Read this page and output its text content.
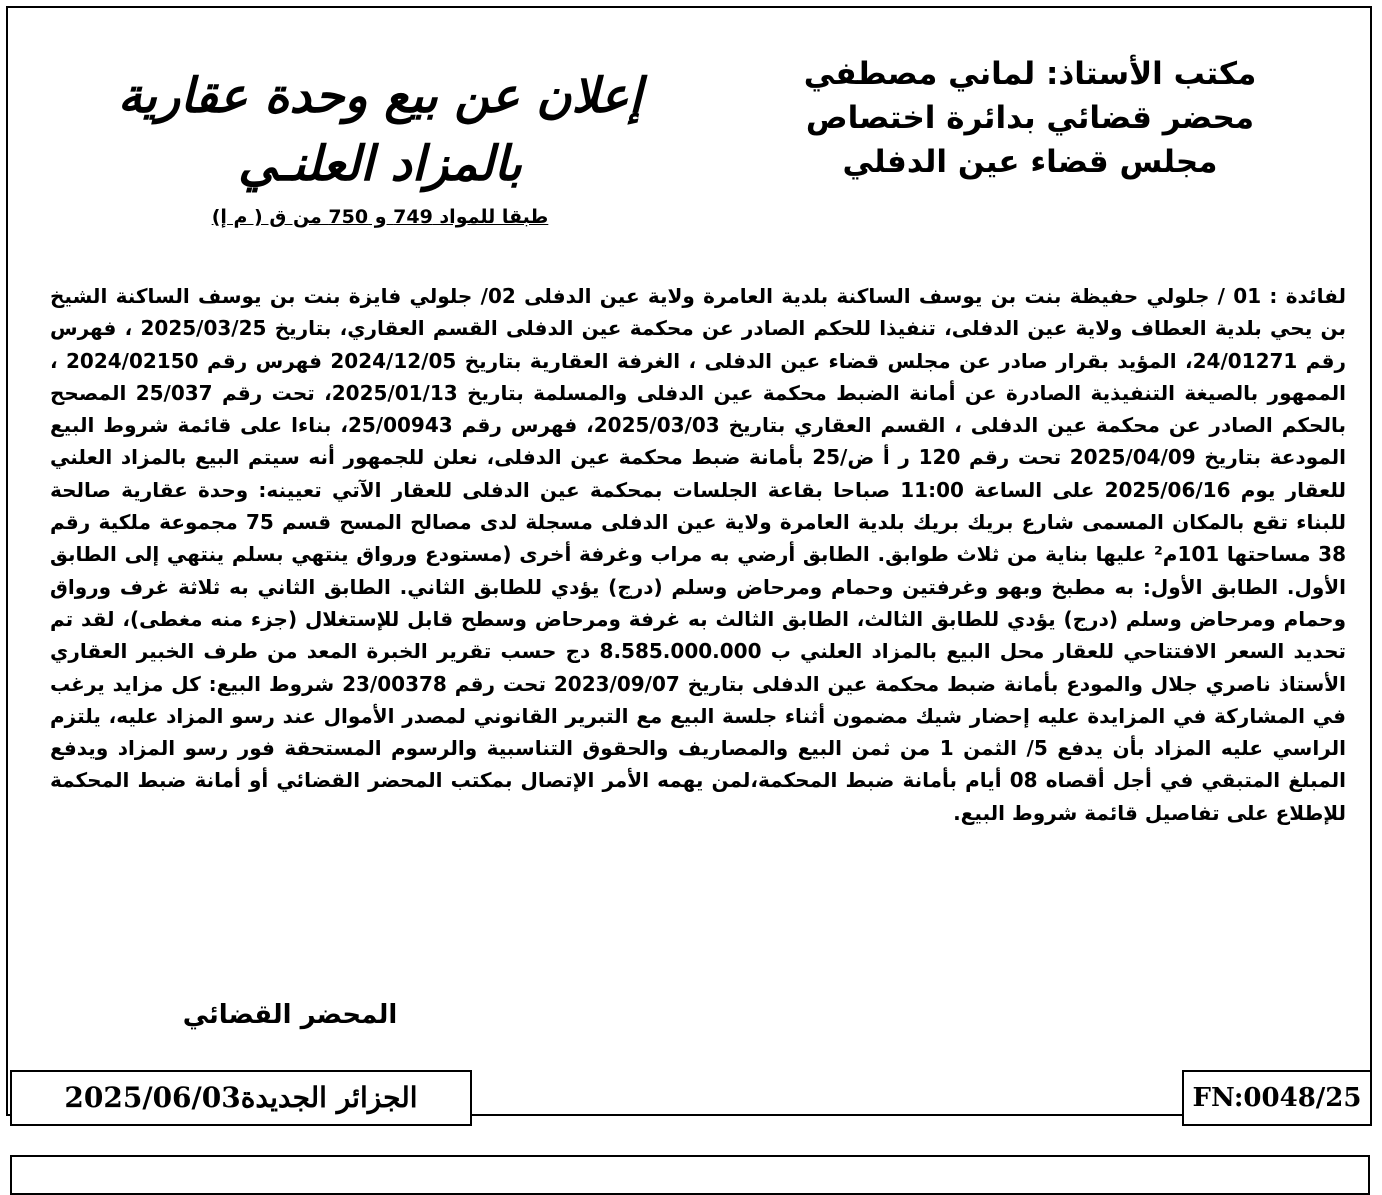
مكتب الأستاذ: لماني مصطفي
محضر قضائي بدائرة اختصاص
مجلس قضاء عين الدفلي
إعلان عن بيع وحدة عقارية
بالمزاد العلنـي
طبقا للمواد 749 و 750 من ق ( م إ)
لفائدة : 01 / جلولي حفيظة بنت بن يوسف الساكنة بلدية العامرة ولاية عين الدفلى 02/ جلولي فايزة بنت بن يوسف الساكنة الشيخ بن يحي بلدية العطاف ولاية عين الدفلى، تنفيذا للحكم الصادر عن محكمة عين الدفلى القسم العقاري، بتاريخ 2025/03/25 ، فهرس رقم 24/01271، المؤيد بقرار صادر عن مجلس قضاء عين الدفلى ، الغرفة العقارية بتاريخ 2024/12/05 فهرس رقم 2024/02150 ، الممهور بالصيغة التنفيذية الصادرة عن أمانة الضبط محكمة عين الدفلى والمسلمة بتاريخ 2025/01/13، تحت رقم 25/037 المصحح بالحكم الصادر عن محكمة عين الدفلى ، القسم العقاري بتاريخ 2025/03/03، فهرس رقم 25/00943، بناءا على قائمة شروط البيع المودعة بتاريخ 2025/04/09 تحت رقم 120 ر أ ض/25 بأمانة ضبط محكمة عين الدفلى، نعلن للجمهور أنه سيتم البيع بالمزاد العلني للعقار يوم 2025/06/16 على الساعة 11:00 صباحا بقاعة الجلسات بمحكمة عين الدفلى للعقار الآتي تعيينه: وحدة عقارية صالحة للبناء تقع بالمكان المسمى شارع بريك بريك بلدية العامرة ولاية عين الدفلى مسجلة لدى مصالح المسح قسم 75 مجموعة ملكية رقم 38 مساحتها 101م² عليها بناية من ثلاث طوابق. الطابق أرضي به مراب وغرفة أخرى (مستودع ورواق ينتهي بسلم ينتهي إلى الطابق الأول. الطابق الأول: به مطبخ وبهو وغرفتين وحمام ومرحاض وسلم (درج) يؤدي للطابق الثاني. الطابق الثاني به ثلاثة غرف ورواق وحمام ومرحاض وسلم (درج) يؤدي للطابق الثالث، الطابق الثالث به غرفة ومرحاض وسطح قابل للإستغلال (جزء منه مغطى)، لقد تم تحديد السعر الافتتاحي للعقار محل البيع بالمزاد العلني ب 8.585.000.000 دج حسب تقرير الخبرة المعد من طرف الخبير العقاري الأستاذ ناصري جلال والمودع بأمانة ضبط محكمة عين الدفلى بتاريخ 2023/09/07 تحت رقم 23/00378 شروط البيع: كل مزايد يرغب في المشاركة في المزايدة عليه إحضار شيك مضمون أثناء جلسة البيع مع التبرير القانوني لمصدر الأموال عند رسو المزاد عليه، يلتزم الراسي عليه المزاد بأن يدفع 5/ الثمن 1 من ثمن البيع والمصاريف والحقوق التناسبية والرسوم المستحقة فور رسو المزاد ويدفع المبلغ المتبقي في أجل أقصاه 08 أيام بأمانة ضبط المحكمة،لمن يهمه الأمر الإتصال بمكتب المحضر القضائي أو أمانة ضبط المحكمة للإطلاع على تفاصيل قائمة شروط البيع.
المحضر القضائي
الجزائر الجديدة2025/06/03	FN:0048/25
